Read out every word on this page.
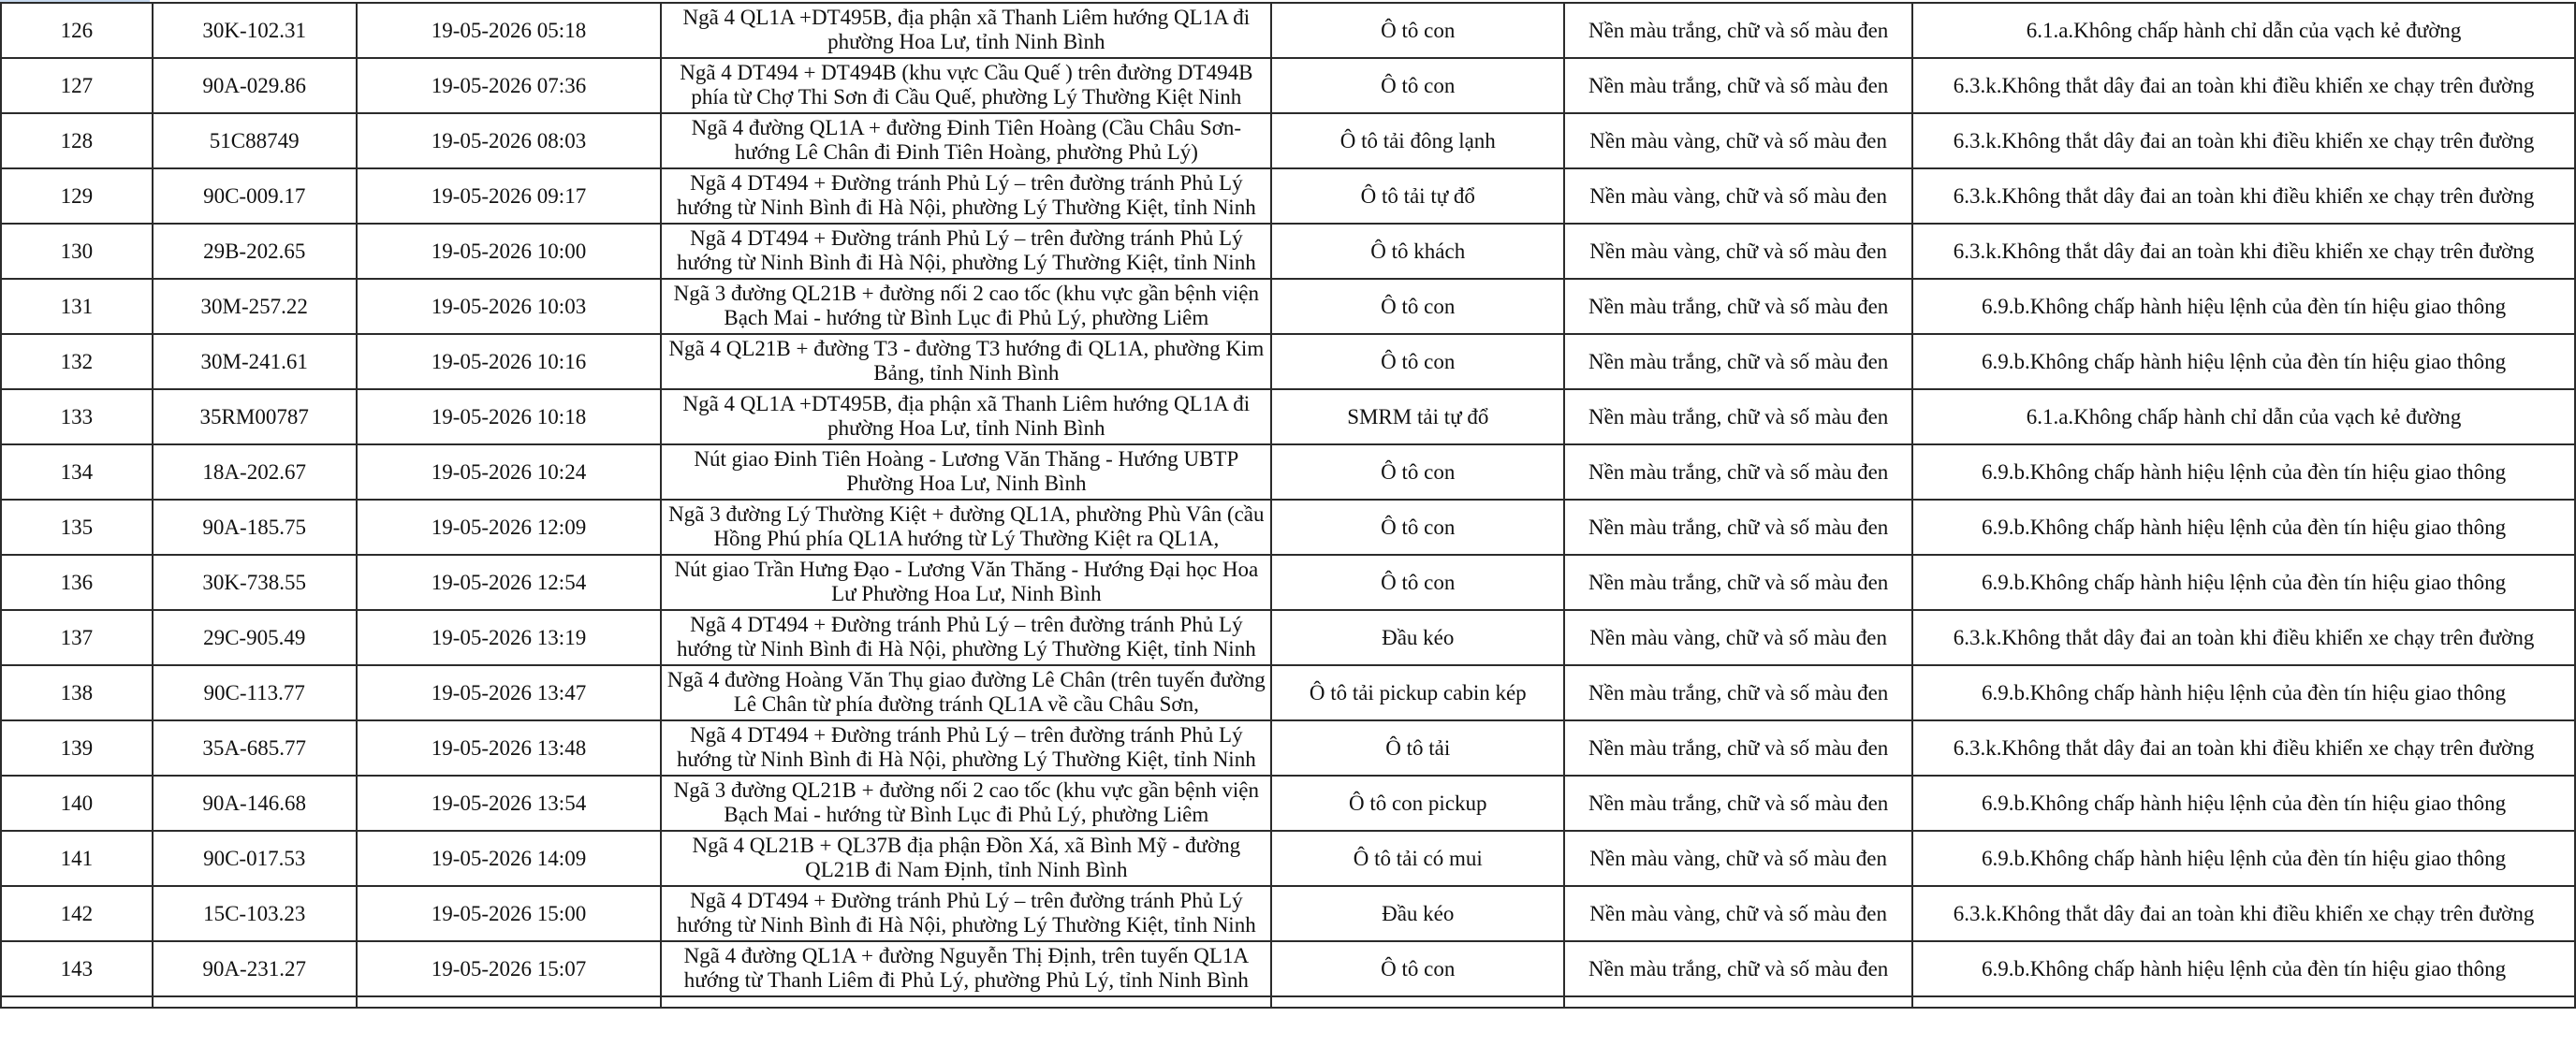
126	30K-102.31	19-05-2026 05:18	Ngã 4 QL1A +DT495B, địa phận xã Thanh Liêm hướng QL1A đi phường Hoa Lư, tỉnh Ninh Bình	Ô tô con	Nền màu trắng, chữ và số màu đen	6.1.a.Không chấp hành chỉ dẫn của vạch kẻ đường
127	90A-029.86	19-05-2026 07:36	Ngã 4 DT494 + DT494B (khu vực Cầu Quế ) trên đường DT494B phía từ Chợ Thi Sơn đi Cầu Quế, phường Lý Thường Kiệt Ninh	Ô tô con	Nền màu trắng, chữ và số màu đen	6.3.k.Không thắt dây đai an toàn khi điều khiển xe chạy trên đường
128	51C88749	19-05-2026 08:03	Ngã 4 đường QL1A + đường Đinh Tiên Hoàng (Cầu Châu Sơn- hướng Lê Chân đi Đinh Tiên Hoàng, phường Phủ Lý)	Ô tô tải đông lạnh	Nền màu vàng, chữ và số màu đen	6.3.k.Không thắt dây đai an toàn khi điều khiển xe chạy trên đường
129	90C-009.17	19-05-2026 09:17	Ngã 4 DT494 + Đường tránh Phủ Lý – trên đường tránh Phủ Lý hướng từ Ninh Bình đi Hà Nội, phường Lý Thường Kiệt, tỉnh Ninh	Ô tô tải tự đổ	Nền màu vàng, chữ và số màu đen	6.3.k.Không thắt dây đai an toàn khi điều khiển xe chạy trên đường
130	29B-202.65	19-05-2026 10:00	Ngã 4 DT494 + Đường tránh Phủ Lý – trên đường tránh Phủ Lý hướng từ Ninh Bình đi Hà Nội, phường Lý Thường Kiệt, tỉnh Ninh	Ô tô khách	Nền màu vàng, chữ và số màu đen	6.3.k.Không thắt dây đai an toàn khi điều khiển xe chạy trên đường
131	30M-257.22	19-05-2026 10:03	Ngã 3 đường QL21B + đường nối 2 cao tốc (khu vực gần bệnh viện Bạch Mai - hướng từ Bình Lục đi Phủ Lý, phường Liêm	Ô tô con	Nền màu trắng, chữ và số màu đen	6.9.b.Không chấp hành hiệu lệnh của đèn tín hiệu giao thông
132	30M-241.61	19-05-2026 10:16	Ngã 4 QL21B + đường T3 - đường T3 hướng đi QL1A, phường Kim Bảng, tỉnh Ninh Bình	Ô tô con	Nền màu trắng, chữ và số màu đen	6.9.b.Không chấp hành hiệu lệnh của đèn tín hiệu giao thông
133	35RM00787	19-05-2026 10:18	Ngã 4 QL1A +DT495B, địa phận xã Thanh Liêm hướng QL1A đi phường Hoa Lư, tỉnh Ninh Bình	SMRM tải tự đổ	Nền màu trắng, chữ và số màu đen	6.1.a.Không chấp hành chỉ dẫn của vạch kẻ đường
134	18A-202.67	19-05-2026 10:24	Nút giao Đinh Tiên Hoàng - Lương Văn Thăng - Hướng UBTP Phường Hoa Lư, Ninh Bình	Ô tô con	Nền màu trắng, chữ và số màu đen	6.9.b.Không chấp hành hiệu lệnh của đèn tín hiệu giao thông
135	90A-185.75	19-05-2026 12:09	Ngã 3 đường Lý Thường Kiệt + đường QL1A, phường Phù Vân (cầu Hồng Phú phía QL1A hướng từ Lý Thường Kiệt ra QL1A,	Ô tô con	Nền màu trắng, chữ và số màu đen	6.9.b.Không chấp hành hiệu lệnh của đèn tín hiệu giao thông
136	30K-738.55	19-05-2026 12:54	Nút giao Trần Hưng Đạo - Lương Văn Thăng - Hướng Đại học Hoa Lư Phường Hoa Lư, Ninh Bình	Ô tô con	Nền màu trắng, chữ và số màu đen	6.9.b.Không chấp hành hiệu lệnh của đèn tín hiệu giao thông
137	29C-905.49	19-05-2026 13:19	Ngã 4 DT494 + Đường tránh Phủ Lý – trên đường tránh Phủ Lý hướng từ Ninh Bình đi Hà Nội, phường Lý Thường Kiệt, tỉnh Ninh	Đầu kéo	Nền màu vàng, chữ và số màu đen	6.3.k.Không thắt dây đai an toàn khi điều khiển xe chạy trên đường
138	90C-113.77	19-05-2026 13:47	Ngã 4 đường Hoàng Văn Thụ giao đường Lê Chân (trên tuyến đường Lê Chân từ phía đường tránh QL1A về cầu Châu Sơn,	Ô tô tải pickup cabin kép	Nền màu trắng, chữ và số màu đen	6.9.b.Không chấp hành hiệu lệnh của đèn tín hiệu giao thông
139	35A-685.77	19-05-2026 13:48	Ngã 4 DT494 + Đường tránh Phủ Lý – trên đường tránh Phủ Lý hướng từ Ninh Bình đi Hà Nội, phường Lý Thường Kiệt, tỉnh Ninh	Ô tô tải	Nền màu trắng, chữ và số màu đen	6.3.k.Không thắt dây đai an toàn khi điều khiển xe chạy trên đường
140	90A-146.68	19-05-2026 13:54	Ngã 3 đường QL21B + đường nối 2 cao tốc (khu vực gần bệnh viện Bạch Mai - hướng từ Bình Lục đi Phủ Lý, phường Liêm	Ô tô con pickup	Nền màu trắng, chữ và số màu đen	6.9.b.Không chấp hành hiệu lệnh của đèn tín hiệu giao thông
141	90C-017.53	19-05-2026 14:09	Ngã 4 QL21B + QL37B địa phận Đồn Xá, xã Bình Mỹ - đường QL21B đi Nam Định, tỉnh Ninh Bình	Ô tô tải có mui	Nền màu vàng, chữ và số màu đen	6.9.b.Không chấp hành hiệu lệnh của đèn tín hiệu giao thông
142	15C-103.23	19-05-2026 15:00	Ngã 4 DT494 + Đường tránh Phủ Lý – trên đường tránh Phủ Lý hướng từ Ninh Bình đi Hà Nội, phường Lý Thường Kiệt, tỉnh Ninh	Đầu kéo	Nền màu vàng, chữ và số màu đen	6.3.k.Không thắt dây đai an toàn khi điều khiển xe chạy trên đường
143	90A-231.27	19-05-2026 15:07	Ngã 4 đường QL1A + đường Nguyễn Thị Định, trên tuyến QL1A hướng từ Thanh Liêm đi Phủ Lý, phường Phủ Lý, tỉnh Ninh Bình	Ô tô con	Nền màu trắng, chữ và số màu đen	6.9.b.Không chấp hành hiệu lệnh của đèn tín hiệu giao thông
